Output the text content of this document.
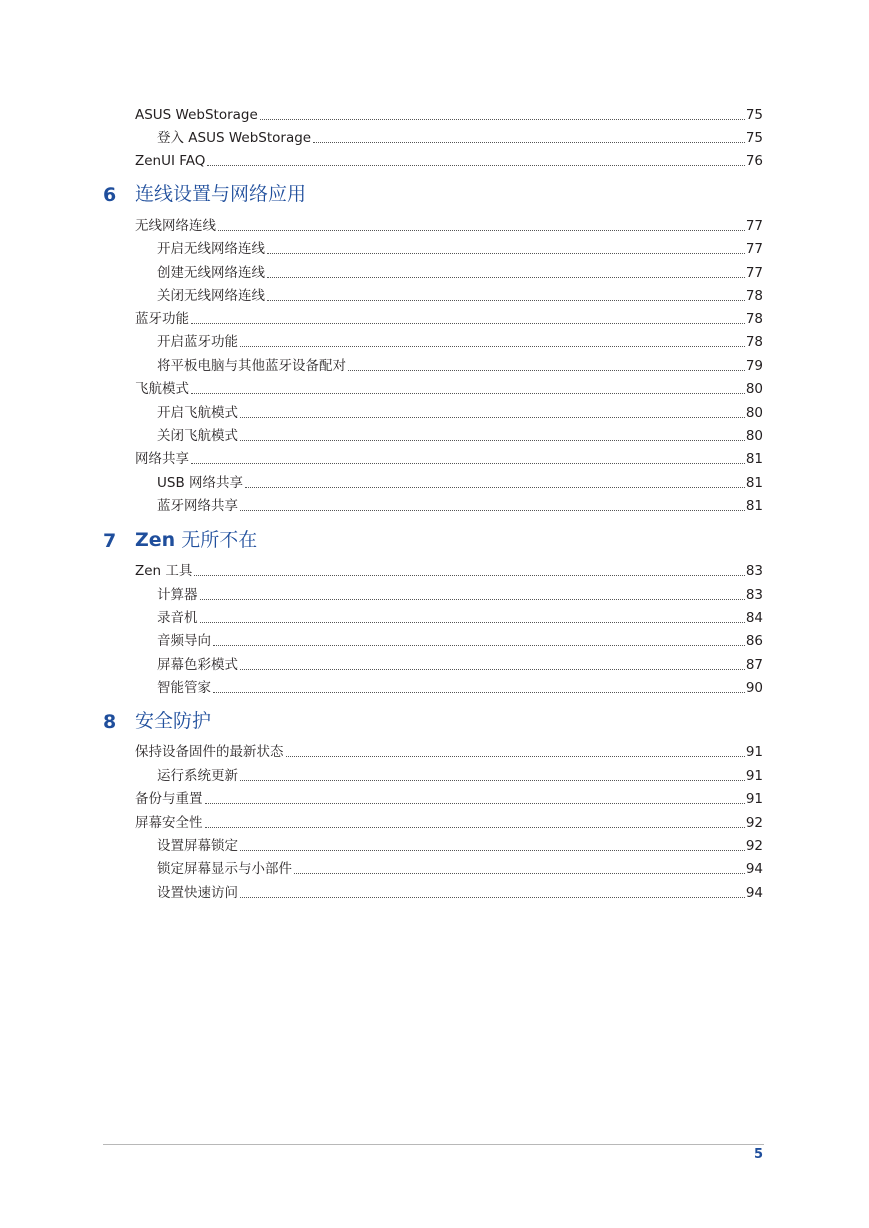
ASUS WebStorage	75
登入 ASUS WebStorage	75
ZenUI FAQ	76
6 连线设置与网络应用
无线网络连线	77
开启无线网络连线	77
创建无线网络连线	77
关闭无线网络连线	78
蓝牙功能	78
开启蓝牙功能	78
将平板电脑与其他蓝牙设备配对	79
飞航模式	80
开启飞航模式	80
关闭飞航模式	80
网络共享	81
USB 网络共享	81
蓝牙网络共享	81
7 Zen 无所不在
Zen 工具	83
计算器	83
录音机	84
音频导向	86
屏幕色彩模式	87
智能管家	90
8 安全防护
保持设备固件的最新状态	91
运行系统更新	91
备份与重置	91
屏幕安全性	92
设置屏幕锁定	92
锁定屏幕显示与小部件	94
设置快速访问	94
5
